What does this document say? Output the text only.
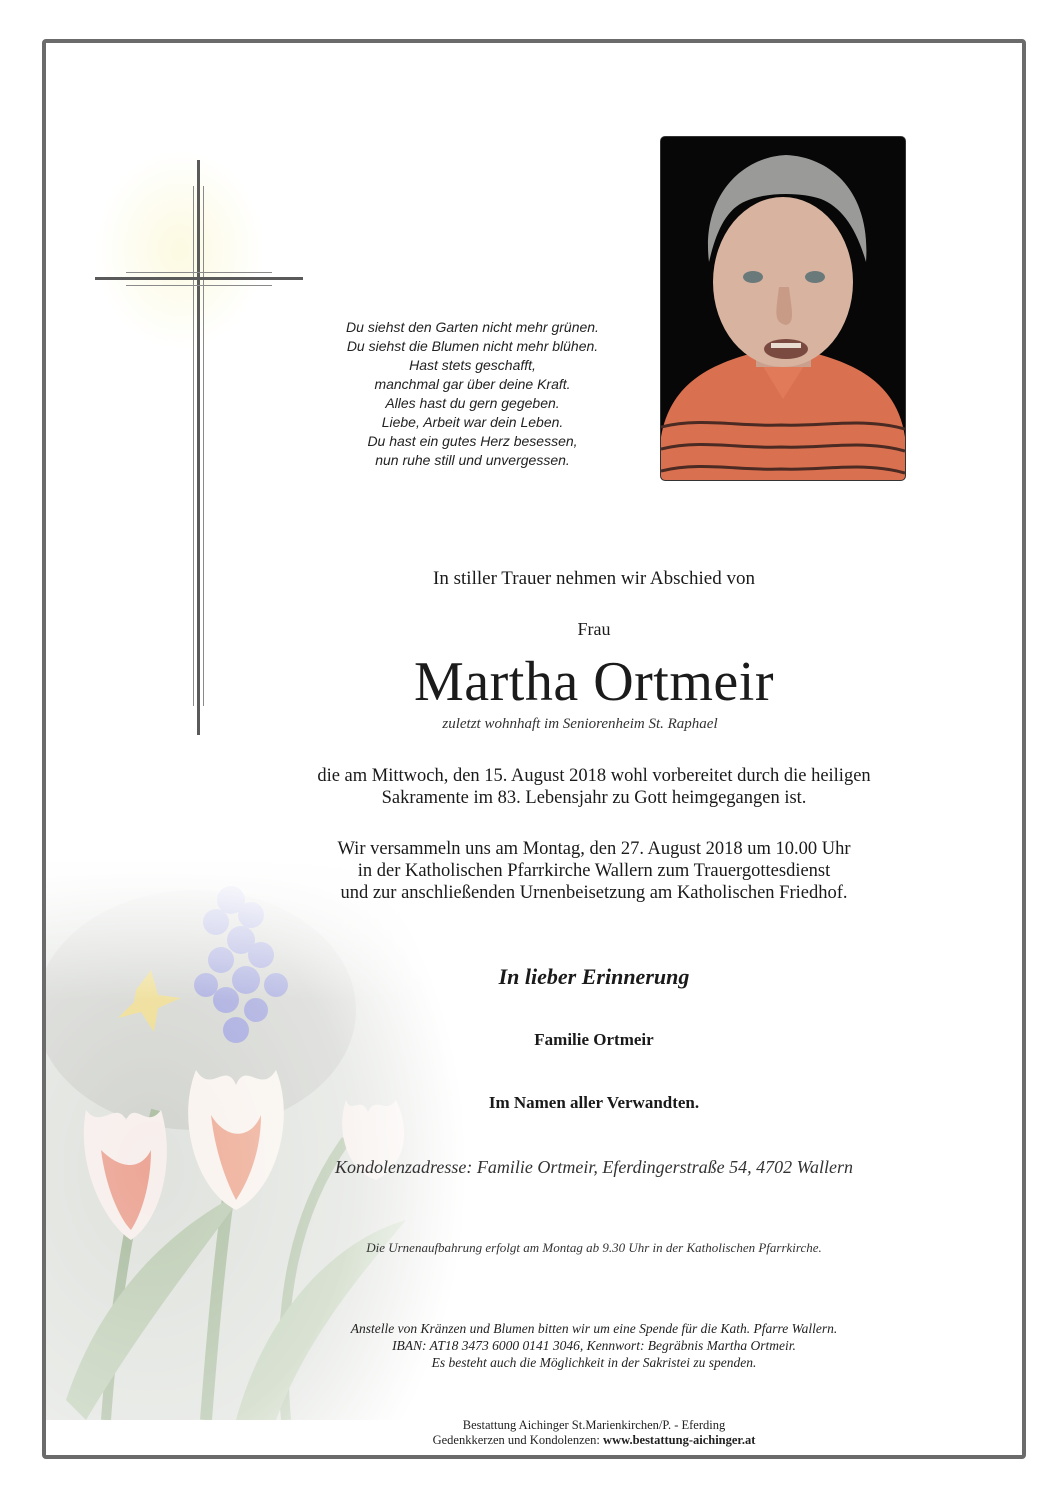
Du siehst den Garten nicht mehr grünen.
Du siehst die Blumen nicht mehr blühen.
Hast stets geschafft,
manchmal gar über deine Kraft.
Alles hast du gern gegeben.
Liebe, Arbeit war dein Leben.
Du hast ein gutes Herz besessen,
nun ruhe still und unvergessen.
In stiller Trauer nehmen wir Abschied von
Frau
Martha Ortmeir
zuletzt wohnhaft im Seniorenheim St. Raphael
die am Mittwoch, den 15. August 2018 wohl vorbereitet durch die heiligen
Sakramente im 83. Lebensjahr zu Gott heimgegangen ist.
Wir versammeln uns am Montag, den 27. August 2018 um 10.00 Uhr
in der Katholischen Pfarrkirche Wallern zum Trauergottesdienst
und zur anschließenden Urnenbeisetzung am Katholischen Friedhof.
In lieber Erinnerung
Familie Ortmeir
Im Namen aller Verwandten.
Kondolenzadresse: Familie Ortmeir, Eferdingerstraße 54, 4702 Wallern
Die Urnenaufbahrung erfolgt am Montag ab 9.30 Uhr in der Katholischen Pfarrkirche.
Anstelle von Kränzen und Blumen bitten wir um eine Spende für die Kath. Pfarre Wallern.
IBAN: AT18 3473 6000 0141 3046, Kennwort: Begräbnis Martha Ortmeir.
Es besteht auch die Möglichkeit in der Sakristei zu spenden.
Bestattung Aichinger St.Marienkirchen/P. - Eferding
Gedenkkerzen und Kondolenzen: www.bestattung-aichinger.at
